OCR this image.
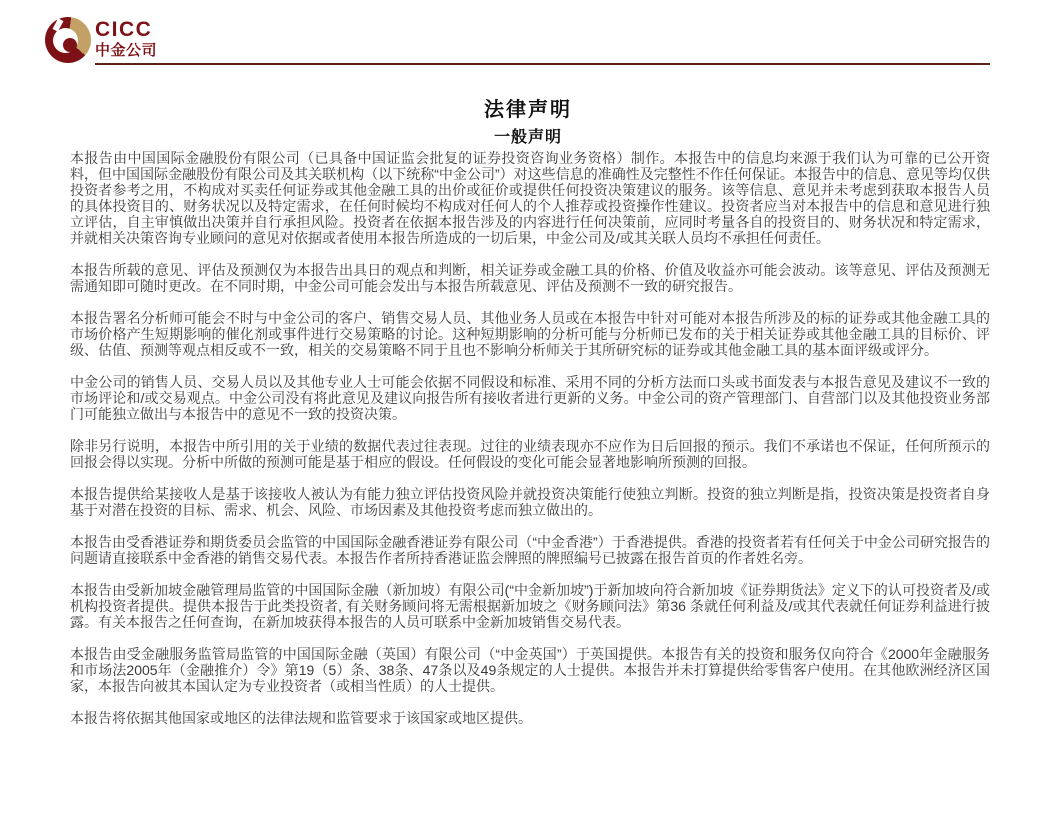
CICC
中金公司
法律声明
一般声明

本报告由中国国际金融股份有限公司（已具备中国证监会批复的证券投资咨询业务资格）制作。本报告中的信息均来源于我们认为可靠的已公开资料，但中国国际金融股份有限公司及其关联机构（以下统称“中金公司”）对这些信息的准确性及完整性不作任何保证。本报告中的信息、意见等均仅供投资者参考之用，不构成对买卖任何证券或其他金融工具的出价或征价或提供任何投资决策建议的服务。该等信息、意见并未考虑到获取本报告人员的具体投资目的、财务状况以及特定需求，在任何时候均不构成对任何人的个人推荐或投资操作性建议。投资者应当对本报告中的信息和意见进行独立评估，自主审慎做出决策并自行承担风险。投资者在依据本报告涉及的内容进行任何决策前，应同时考量各自的投资目的、财务状况和特定需求，并就相关决策咨询专业顾问的意见对依据或者使用本报告所造成的一切后果，中金公司及/或其关联人员均不承担任何责任。

本报告所载的意见、评估及预测仅为本报告出具日的观点和判断，相关证券或金融工具的价格、价值及收益亦可能会波动。该等意见、评估及预测无需通知即可随时更改。在不同时期，中金公司可能会发出与本报告所载意见、评估及预测不一致的研究报告。

本报告署名分析师可能会不时与中金公司的客户、销售交易人员、其他业务人员或在本报告中针对可能对本报告所涉及的标的证券或其他金融工具的市场价格产生短期影响的催化剂或事件进行交易策略的讨论。这种短期影响的分析可能与分析师已发布的关于相关证券或其他金融工具的目标价、评级、估值、预测等观点相反或不一致，相关的交易策略不同于且也不影响分析师关于其所研究标的证券或其他金融工具的基本面评级或评分。

中金公司的销售人员、交易人员以及其他专业人士可能会依据不同假设和标准、采用不同的分析方法而口头或书面发表与本报告意见及建议不一致的市场评论和/或交易观点。中金公司没有将此意见及建议向报告所有接收者进行更新的义务。中金公司的资产管理部门、自营部门以及其他投资业务部门可能独立做出与本报告中的意见不一致的投资决策。

除非另行说明，本报告中所引用的关于业绩的数据代表过往表现。过往的业绩表现亦不应作为日后回报的预示。我们不承诺也不保证，任何所预示的回报会得以实现。分析中所做的预测可能是基于相应的假设。任何假设的变化可能会显著地影响所预测的回报。

本报告提供给某接收人是基于该接收人被认为有能力独立评估投资风险并就投资决策能行使独立判断。投资的独立判断是指，投资决策是投资者自身基于对潜在投资的目标、需求、机会、风险、市场因素及其他投资考虑而独立做出的。

本报告由受香港证券和期货委员会监管的中国国际金融香港证券有限公司（“中金香港”）于香港提供。香港的投资者若有任何关于中金公司研究报告的问题请直接联系中金香港的销售交易代表。本报告作者所持香港证监会牌照的牌照编号已披露在报告首页的作者姓名旁。

本报告由受新加坡金融管理局监管的中国国际金融（新加坡）有限公司(“中金新加坡”)于新加坡向符合新加坡《证券期货法》定义下的认可投资者及/或机构投资者提供。提供本报告于此类投资者, 有关财务顾问将无需根据新加坡之《财务顾问法》第36 条就任何利益及/或其代表就任何证券利益进行披露。有关本报告之任何查询，在新加坡获得本报告的人员可联系中金新加坡销售交易代表。

本报告由受金融服务监管局监管的中国国际金融（英国）有限公司（“中金英国”）于英国提供。本报告有关的投资和服务仅向符合《2000年金融服务和市场法2005年（金融推介）令》第19（5）条、38条、47条以及49条规定的人士提供。本报告并未打算提供给零售客户使用。在其他欧洲经济区国家，本报告向被其本国认定为专业投资者（或相当性质）的人士提供。

本报告将依据其他国家或地区的法律法规和监管要求于该国家或地区提供。
